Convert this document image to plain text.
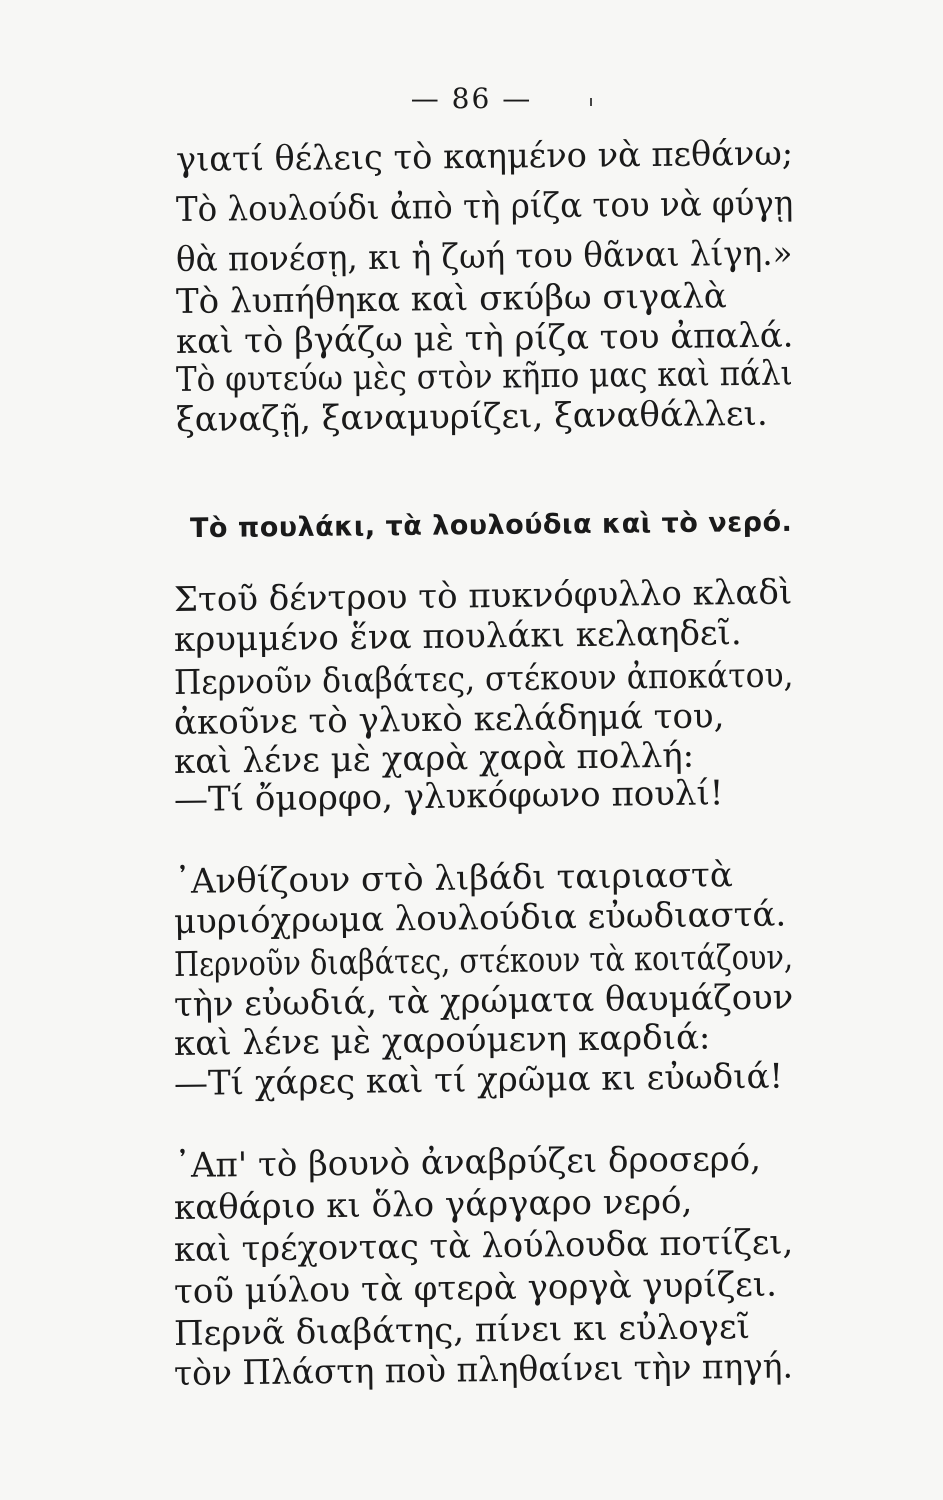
— 86 —
γιατί θέλεις τὸ καημένο νὰ πεθάνω;
Τὸ λουλούδι ἀπὸ τὴ ρίζα του νὰ φύγῃ
θὰ πονέσῃ, κι ἡ ζωή του θᾶναι λίγη.»
Τὸ λυπήθηκα καὶ σκύβω σιγαλὰ
καὶ τὸ βγάζω μὲ τὴ ρίζα του ἀπαλά.
Τὸ φυτεύω μὲς στὸν κῆπο μας καὶ πάλι
ξαναζῇ, ξαναμυρίζει, ξαναθάλλει.
Τὸ πουλάκι, τὰ λουλούδια καὶ τὸ νερό.
Στοῦ δέντρου τὸ πυκνόφυλλο κλαδὶ
κρυμμένο ἕνα πουλάκι κελαηδεῖ.
Περνοῦν διαβάτες, στέκουν ἀποκάτου,
ἀκοῦνε τὸ γλυκὸ κελάδημά του,
καὶ λένε μὲ χαρὰ χαρὰ πολλή:
—Τί ὄμορφο, γλυκόφωνο πουλί!
᾿Ανθίζουν στὸ λιβάδι ταιριαστὰ
μυριόχρωμα λουλούδια εὐωδιαστά.
Περνοῦν διαβάτες, στέκουν τὰ κοιτάζουν,
τὴν εὐωδιά, τὰ χρώματα θαυμάζουν
καὶ λένε μὲ χαρούμενη καρδιά:
—Τί χάρες καὶ τί χρῶμα κι εὐωδιά!
᾿Απ' τὸ βουνὸ ἀναβρύζει δροσερό,
καθάριο κι ὅλο γάργαρο νερό,
καὶ τρέχοντας τὰ λούλουδα ποτίζει,
τοῦ μύλου τὰ φτερὰ γοργὰ γυρίζει.
Περνᾶ διαβάτης, πίνει κι εὐλογεῖ
τὸν Πλάστη ποὺ πληθαίνει τὴν πηγή.
